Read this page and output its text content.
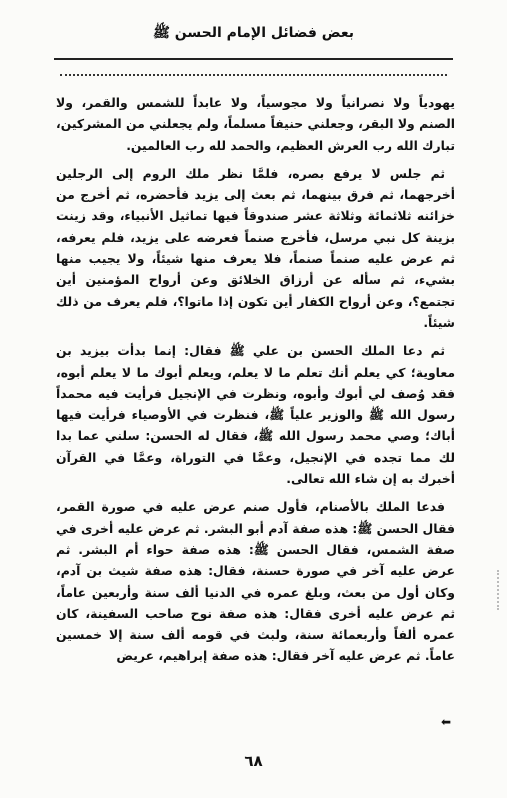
بعض فضائل الإمام الحسن ﷺ

يهودياً ولا نصرانياً ولا مجوسياً، ولا عابداً للشمس والقمر، ولا الصنم ولا البقر، وجعلني حنيفاً مسلماً، ولم يجعلني من المشركين، تبارك الله رب العرش العظيم، والحمد لله رب العالمين.

ثم جلس لا يرفع بصره، فلمَّا نظر ملك الروم إلى الرجلين أخرجهما، ثم فرق بينهما، ثم بعث إلى يزيد فأحضره، ثم أخرج من خزائنه ثلاثمائة وثلاثة عشر صندوقاً فيها تماثيل الأنبياء، وقد زينت بزينة كل نبي مرسل، فأخرج صنماً فعرضه على يزيد، فلم يعرفه، ثم عرض عليه صنماً صنماً، فلا يعرف منها شيئاً، ولا يجيب منها بشيء، ثم سأله عن أرزاق الخلائق وعن أرواح المؤمنين أين تجتمع؟، وعن أرواح الكفار أين تكون إذا ماتوا؟، فلم يعرف من ذلك شيئاً.

ثم دعا الملك الحسن بن علي ﷺ فقال: إنما بدأت بيزيد بن معاوية؛ كي يعلم أنك تعلم ما لا يعلم، ويعلم أبوك ما لا يعلم أبوه، فقد وُصف لي أبوك وأبوه، ونظرت في الإنجيل فرأيت فيه محمداً رسول الله ﷺ والوزير علياً ﷺ، فنظرت في الأوصياء فرأيت فيها أباك؛ وصي محمد رسول الله ﷺ، فقال له الحسن: سلني عما بدا لك مما تجده في الإنجيل، وعمَّا في التوراة، وعمَّا في القرآن أخبرك به إن شاء الله تعالى.

فدعا الملك بالأصنام، فأول صنم عرض عليه في صورة القمر، فقال الحسن ﷺ: هذه صفة آدم أبو البشر. ثم عرض عليه أخرى في صفة الشمس، فقال الحسن ﷺ: هذه صفة حواء أم البشر. ثم عرض عليه آخر في صورة حسنة، فقال: هذه صفة شيث بن آدم، وكان أول من بعث، وبلغ عمره في الدنيا ألف سنة وأربعين عاماً، ثم عرض عليه أخرى فقال: هذه صفة نوح صاحب السفينة، كان عمره ألفاً وأربعمائة سنة، ولبث في قومه ألف سنة إلا خمسين عاماً. ثم عرض عليه آخر فقال: هذه صفة إبراهيم، عريض

⬅
٦٨
